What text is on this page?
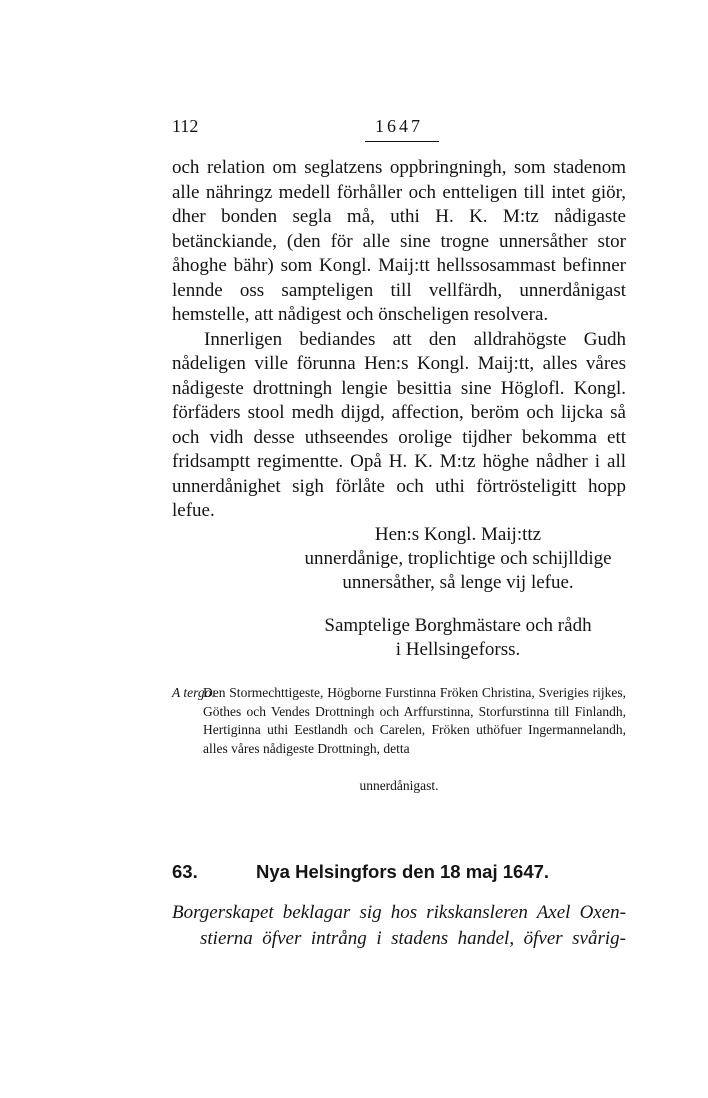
112	1647

och relation om seglatzens oppbringningh, som stadenom alle nähringz medell förhåller och entteligen till intet giör, dher bonden segla må, uthi H. K. M:tz nådigaste betänckiande, (den för alle sine trogne unnersåther stor åhoghe bähr) som Kongl. Maij:tt hellssosammast befinner lennde oss sampteligen till vellfärdh, unnerdånigast hemstelle, att nådigest och önscheligen resolvera.

Innerligen bediandes att den alldrahögste Gudh nådeligen ville förunna Hen:s Kongl. Maij:tt, alles våres nådigeste drottningh lengie besittia sine Höglofl. Kongl. förfäders stool medh dijgd, affection, beröm och lijcka så och vidh desse uthseendes orolige tijdher bekomma ett fridsamptt regimentte. Opå H. K. M:tz höghe nådher i all unnerdånighet sigh förlåte och uthi förtrösteligitt hopp lefue.

Hen:s Kongl. Maij:ttz
unnerdånige, troplichtige och schijlldige
unnersåther, så lenge vij lefue.
Samptelige Borghmästare och rådh
i Hellsingeforss.
A tergo:
Den Stormechttigeste, Högborne Furstinna Fröken Christina, Sverigies rijkes, Göthes och Vendes Drottningh och Arffurstinna, Storfurstinna till Finlandh, Hertiginna uthi Eestlandh och Carelen, Fröken uthöfuer Ingermannelandh, alles våres nådigeste Drottningh, detta
unnerdånigast.
63.	Nya Helsingfors den 18 maj 1647.
Borgerskapet beklagar sig hos rikskansleren Axel Oxen-
stierna öfver intrång i stadens handel, öfver svårig-
